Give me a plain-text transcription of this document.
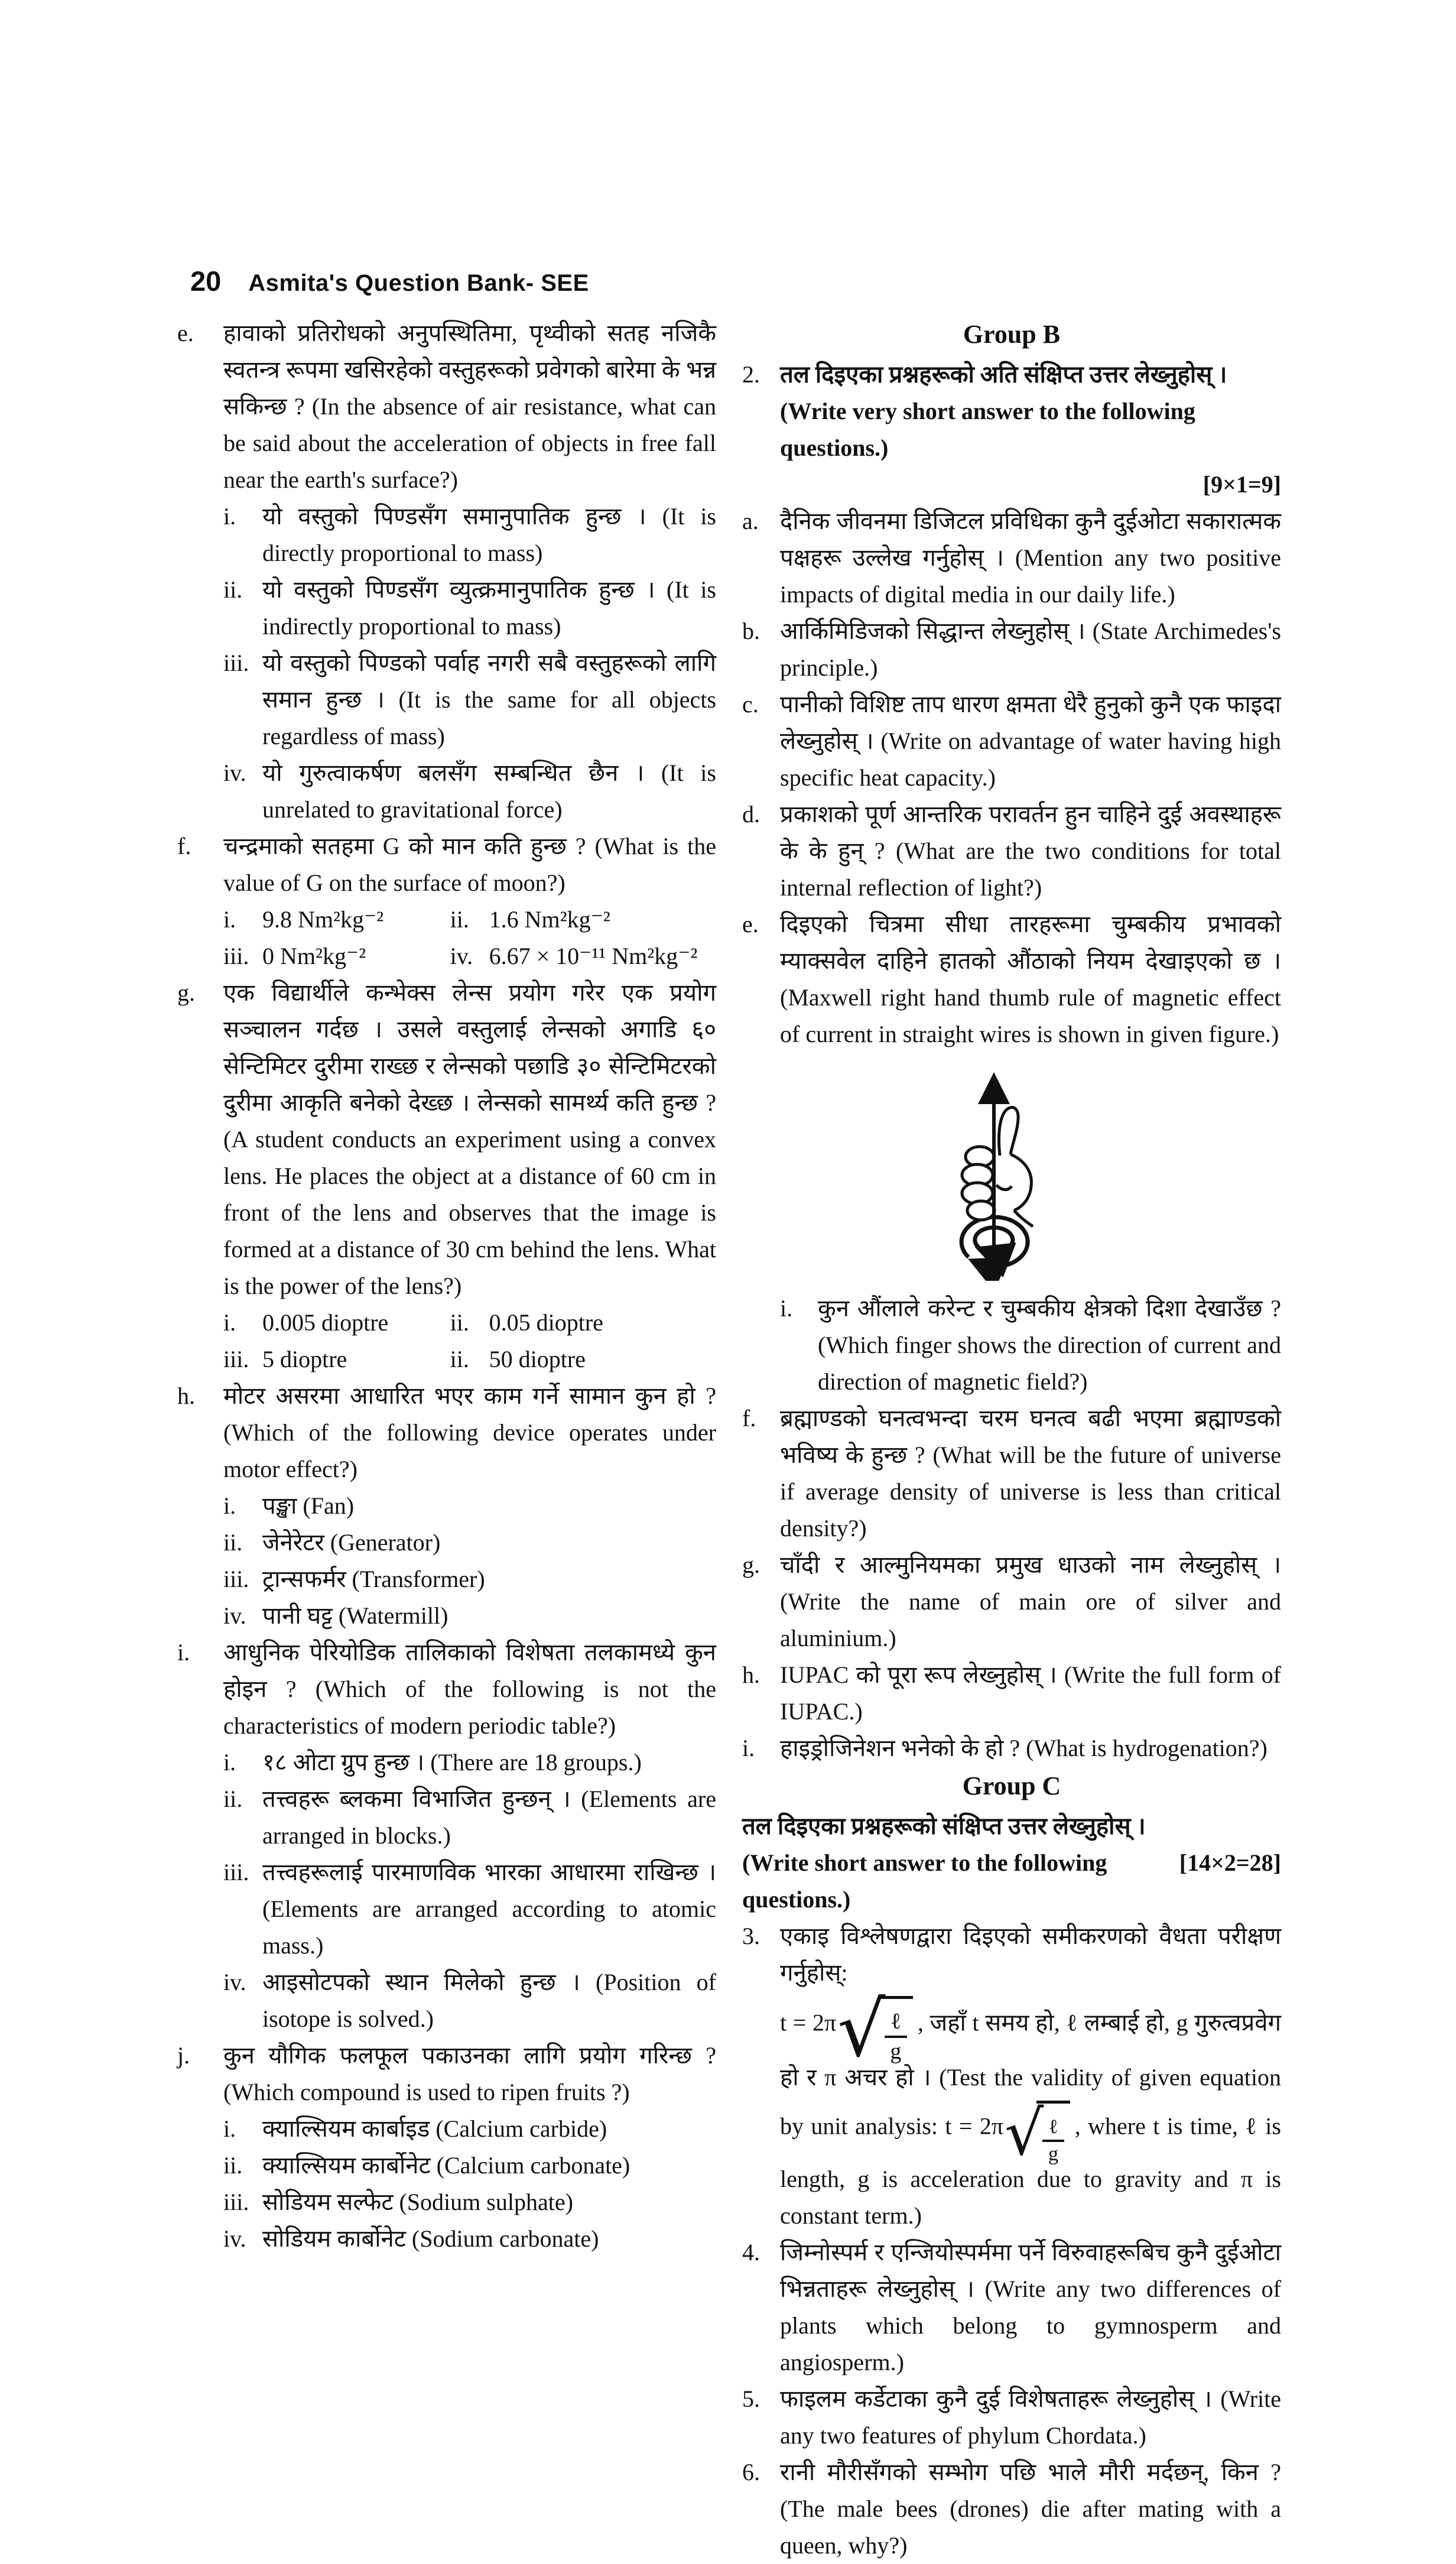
20 Asmita's Question Bank- SEE
e.	हावाको प्रतिरोधको अनुपस्थितिमा, पृथ्वीको सतह नजिकै स्वतन्त्र रूपमा खसिरहेको वस्तुहरूको प्रवेगको बारेमा के भन्न सकिन्छ ? (In the absence of air resistance, what can be said about the acceleration of objects in free fall near the earth's surface?)
i.	यो वस्तुको पिण्डसँग समानुपातिक हुन्छ । (It is directly proportional to mass)
ii. यो वस्तुको पिण्डसँग व्युत्क्रमानुपातिक हुन्छ । (It is indirectly proportional to mass)
iii. यो वस्तुको पिण्डको पर्वाह नगरी सबै वस्तुहरूको लागि समान हुन्छ । (It is the same for all objects regardless of mass)
iv. यो गुरुत्वाकर्षण बलसँग सम्बन्धित छैन । (It is unrelated to gravitational force)
f.	चन्द्रमाको सतहमा G को मान कति हुन्छ ? (What is the value of G on the surface of moon?)
i.	9.8 Nm²kg⁻²	ii. 1.6 Nm²kg⁻²
iii. 0 Nm²kg⁻²	iv. 6.67 × 10⁻¹¹ Nm²kg⁻²
g.	एक विद्यार्थीले कन्भेक्स लेन्स प्रयोग गरेर एक प्रयोग सञ्चालन गर्दछ । उसले वस्तुलाई लेन्सको अगाडि ६० सेन्टिमिटर दुरीमा राख्छ र लेन्सको पछाडि ३० सेन्टिमिटरको दुरीमा आकृति बनेको देख्छ । लेन्सको सामर्थ्य कति हुन्छ ? (A student conducts an experiment using a convex lens. He places the object at a distance of 60 cm in front of the lens and observes that the image is formed at a distance of 30 cm behind the lens. What is the power of the lens?)
i.	0.005 dioptre	ii. 0.05 dioptre
iii. 5 dioptre	ii. 50 dioptre
h.	मोटर असरमा आधारित भएर काम गर्ने सामान कुन हो ? (Which of the following device operates under motor effect?)
i.	पङ्खा (Fan)
ii. जेनेरेटर (Generator)
iii. ट्रान्सफर्मर (Transformer)
iv. पानी घट्ट (Watermill)
i.	आधुनिक पेरियोडिक तालिकाको विशेषता तलकामध्ये कुन होइन ? (Which of the following is not the characteristics of modern periodic table?)
i.	१८ ओटा ग्रुप हुन्छ । (There are 18 groups.)
ii. तत्त्वहरू ब्लकमा विभाजित हुन्छन् । (Elements are arranged in blocks.)
iii. तत्त्वहरूलाई पारमाणविक भारका आधारमा राखिन्छ । (Elements are arranged according to atomic mass.)
iv. आइसोटपको स्थान मिलेको हुन्छ । (Position of isotope is solved.)
j.	कुन यौगिक फलफूल पकाउनका लागि प्रयोग गरिन्छ ? (Which compound is used to ripen fruits ?)
i.	क्याल्सियम कार्बाइड (Calcium carbide)
ii. क्याल्सियम कार्बोनेट (Calcium carbonate)
iii. सोडियम सल्फेट (Sodium sulphate)
iv. सोडियम कार्बोनेट (Sodium carbonate)
Group B
2. तल दिइएका प्रश्नहरूको अति संक्षिप्त उत्तर लेख्नुहोस् ।
(Write very short answer to the following questions.)
[9×1=9]
a. दैनिक जीवनमा डिजिटल प्रविधिका कुनै दुईओटा सकारात्मक पक्षहरू उल्लेख गर्नुहोस् । (Mention any two positive impacts of digital media in our daily life.)
b. आर्किमिडिजको सिद्धान्त लेख्नुहोस् । (State Archimedes's principle.)
c. पानीको विशिष्ट ताप धारण क्षमता धेरै हुनुको कुनै एक फाइदा लेख्नुहोस् । (Write on advantage of water having high specific heat capacity.)
d. प्रकाशको पूर्ण आन्तरिक परावर्तन हुन चाहिने दुई अवस्थाहरू के के हुन् ? (What are the two conditions for total internal reflection of light?)
e. दिइएको चित्रमा सीधा तारहरूमा चुम्बकीय प्रभावको म्याक्सवेल दाहिने हातको औंठाको नियम देखाइएको छ । (Maxwell right hand thumb rule of magnetic effect of current in straight wires is shown in given figure.)
i.	कुन औंलाले करेन्ट र चुम्बकीय क्षेत्रको दिशा देखाउँछ ? (Which finger shows the direction of current and direction of magnetic field?)
f.	ब्रह्माण्डको घनत्वभन्दा चरम घनत्व बढी भएमा ब्रह्माण्डको भविष्य के हुन्छ ? (What will be the future of universe if average density of universe is less than critical density?)
g. चाँदी र आल्मुनियमका प्रमुख धाउको नाम लेख्नुहोस् । (Write the name of main ore of silver and aluminium.)
h. IUPAC को पूरा रूप लेख्नुहोस् । (Write the full form of IUPAC.)
i.	हाइड्रोजिनेशन भनेको के हो ? (What is hydrogenation?)
Group C
तल दिइएका प्रश्नहरूको संक्षिप्त उत्तर लेख्नुहोस् ।
(Write short answer to the following questions.)
[14×2=28]
3. एकाइ विश्लेषणद्वारा दिइएको समीकरणको वैधता परीक्षण गर्नुहोस्:
t = 2π √
$\frac{\text{ℓ}}{g}$ , जहाँ t समय हो, ℓ लम्बाई हो, g गुरुत्वप्रवेग हो र π अचर हो । (Test the validity of given equation by unit analysis: t = 2π √
$\frac{\text{ℓ}}{g}$ , where t is time, ℓ is length, g is acceleration due to gravity and π is constant term.)
4. जिम्नोस्पर्म र एन्जियोस्पर्ममा पर्ने विरुवाहरूबिच कुनै दुईओटा भिन्नताहरू लेख्नुहोस् । (Write any two differences of plants which belong to gymnosperm and angiosperm.)
5. फाइलम कर्डेटाका कुनै दुई विशेषताहरू लेख्नुहोस् । (Write any two features of phylum Chordata.)
6. रानी मौरीसँगको सम्भोग पछि भाले मौरी मर्दछन्, किन ? (The male bees (drones) die after mating with a queen, why?)
